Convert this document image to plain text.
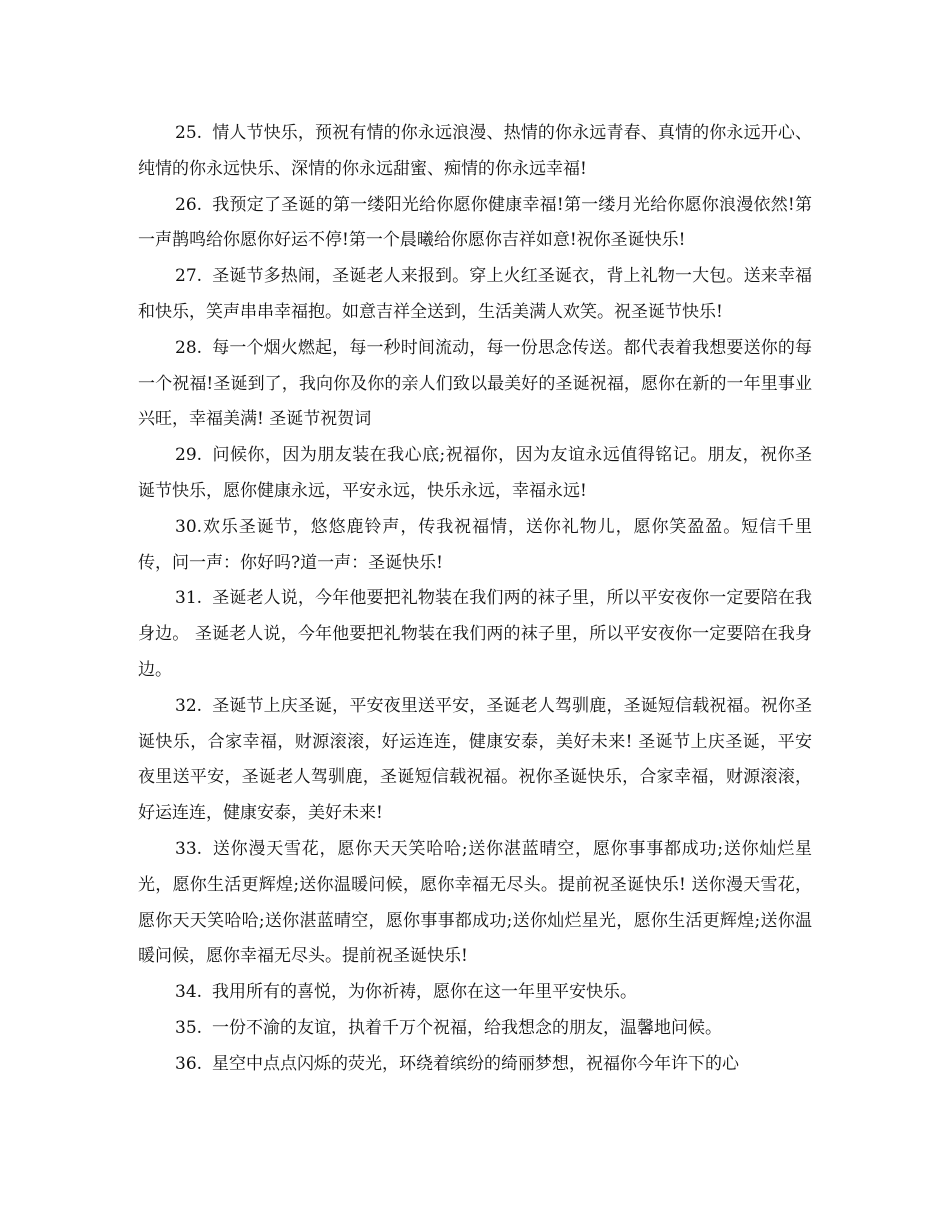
25. 情人节快乐，预祝有情的你永远浪漫、热情的你永远青春、真情的你永远开心、纯情的你永远快乐、深情的你永远甜蜜、痴情的你永远幸福!

26. 我预定了圣诞的第一缕阳光给你愿你健康幸福!第一缕月光给你愿你浪漫依然!第一声鹊鸣给你愿你好运不停!第一个晨曦给你愿你吉祥如意!祝你圣诞快乐!

27. 圣诞节多热闹，圣诞老人来报到。穿上火红圣诞衣，背上礼物一大包。送来幸福和快乐，笑声串串幸福抱。如意吉祥全送到，生活美满人欢笑。祝圣诞节快乐!

28. 每一个烟火燃起，每一秒时间流动，每一份思念传送。都代表着我想要送你的每一个祝福!圣诞到了，我向你及你的亲人们致以最美好的圣诞祝福，愿你在新的一年里事业兴旺，幸福美满! 圣诞节祝贺词

29. 问候你，因为朋友装在我心底;祝福你，因为友谊永远值得铭记。朋友，祝你圣诞节快乐，愿你健康永远，平安永远，快乐永远，幸福永远!

30.欢乐圣诞节，悠悠鹿铃声，传我祝福情，送你礼物儿，愿你笑盈盈。短信千里传，问一声：你好吗?道一声：圣诞快乐!

31. 圣诞老人说，今年他要把礼物装在我们两的袜子里，所以平安夜你一定要陪在我身边。 圣诞老人说，今年他要把礼物装在我们两的袜子里，所以平安夜你一定要陪在我身边。

32. 圣诞节上庆圣诞，平安夜里送平安，圣诞老人驾驯鹿，圣诞短信载祝福。祝你圣诞快乐，合家幸福，财源滚滚，好运连连，健康安泰，美好未来! 圣诞节上庆圣诞，平安夜里送平安，圣诞老人驾驯鹿，圣诞短信载祝福。祝你圣诞快乐，合家幸福，财源滚滚，好运连连，健康安泰，美好未来!

33. 送你漫天雪花，愿你天天笑哈哈;送你湛蓝晴空，愿你事事都成功;送你灿烂星光，愿你生活更辉煌;送你温暖问候，愿你幸福无尽头。提前祝圣诞快乐! 送你漫天雪花，愿你天天笑哈哈;送你湛蓝晴空，愿你事事都成功;送你灿烂星光，愿你生活更辉煌;送你温暖问候，愿你幸福无尽头。提前祝圣诞快乐!

34. 我用所有的喜悦，为你祈祷，愿你在这一年里平安快乐。

35. 一份不渝的友谊，执着千万个祝福，给我想念的朋友，温馨地问候。

36. 星空中点点闪烁的荧光，环绕着缤纷的绮丽梦想，祝福你今年许下的心
